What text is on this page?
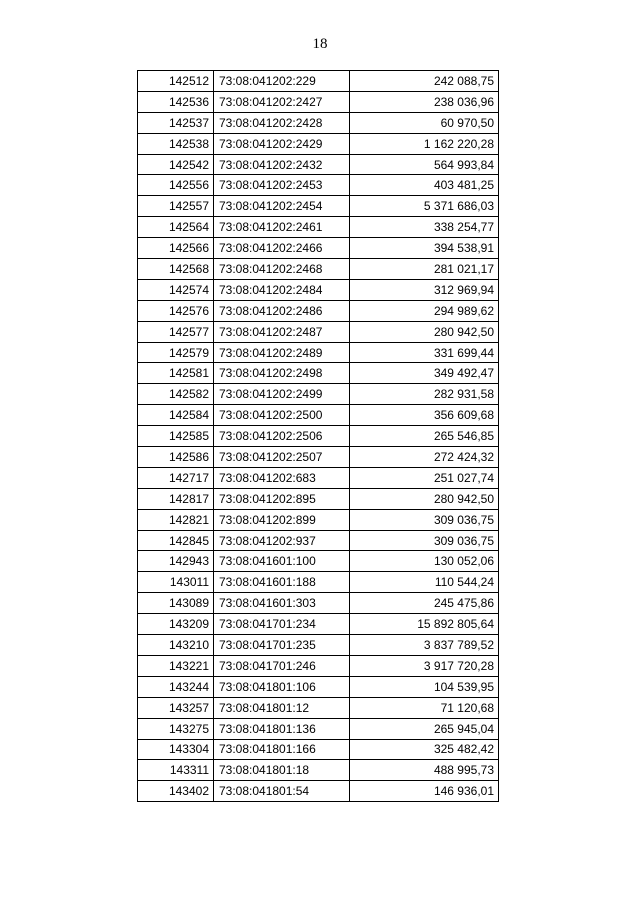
18
142512	73:08:041202:229	242 088,75
142536	73:08:041202:2427	238 036,96
142537	73:08:041202:2428	60 970,50
142538	73:08:041202:2429	1 162 220,28
142542	73:08:041202:2432	564 993,84
142556	73:08:041202:2453	403 481,25
142557	73:08:041202:2454	5 371 686,03
142564	73:08:041202:2461	338 254,77
142566	73:08:041202:2466	394 538,91
142568	73:08:041202:2468	281 021,17
142574	73:08:041202:2484	312 969,94
142576	73:08:041202:2486	294 989,62
142577	73:08:041202:2487	280 942,50
142579	73:08:041202:2489	331 699,44
142581	73:08:041202:2498	349 492,47
142582	73:08:041202:2499	282 931,58
142584	73:08:041202:2500	356 609,68
142585	73:08:041202:2506	265 546,85
142586	73:08:041202:2507	272 424,32
142717	73:08:041202:683	251 027,74
142817	73:08:041202:895	280 942,50
142821	73:08:041202:899	309 036,75
142845	73:08:041202:937	309 036,75
142943	73:08:041601:100	130 052,06
143011	73:08:041601:188	110 544,24
143089	73:08:041601:303	245 475,86
143209	73:08:041701:234	15 892 805,64
143210	73:08:041701:235	3 837 789,52
143221	73:08:041701:246	3 917 720,28
143244	73:08:041801:106	104 539,95
143257	73:08:041801:12	71 120,68
143275	73:08:041801:136	265 945,04
143304	73:08:041801:166	325 482,42
143311	73:08:041801:18	488 995,73
143402	73:08:041801:54	146 936,01
